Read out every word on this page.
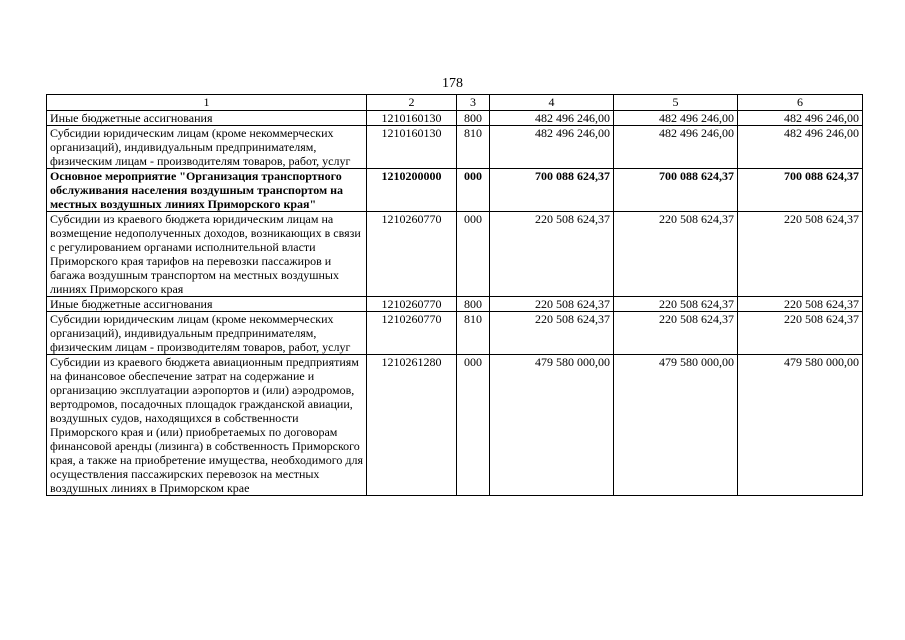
178
1	2	3	4	5	6
Иные бюджетные ассигнования	1210160130	800	482 496 246,00	482 496 246,00	482 496 246,00
Субсидии юридическим лицам (кроме некоммерческих организаций), индивидуальным предпринимателям, физическим лицам - производителям товаров, работ, услуг	1210160130	810	482 496 246,00	482 496 246,00	482 496 246,00
Основное мероприятие "Организация транспортного обслуживания населения воздушным транспортом на местных воздушных линиях Приморского края"	1210200000	000	700 088 624,37	700 088 624,37	700 088 624,37
Субсидии из краевого бюджета юридическим лицам на возмещение недополученных доходов, возникающих в связи с регулированием органами исполнительной власти Приморского края тарифов на перевозки пассажиров и багажа воздушным транспортом на местных воздушных линиях Приморского края	1210260770	000	220 508 624,37	220 508 624,37	220 508 624,37
Иные бюджетные ассигнования	1210260770	800	220 508 624,37	220 508 624,37	220 508 624,37
Субсидии юридическим лицам (кроме некоммерческих организаций), индивидуальным предпринимателям, физическим лицам - производителям товаров, работ, услуг	1210260770	810	220 508 624,37	220 508 624,37	220 508 624,37
Субсидии из краевого бюджета авиационным предприятиям на финансовое обеспечение затрат на содержание и организацию эксплуатации аэропортов и (или) аэродромов, вертодромов, посадочных площадок гражданской авиации, воздушных судов, находящихся в собственности Приморского края и (или) приобретаемых по договорам финансовой аренды (лизинга) в собственность Приморского края, а также на приобретение имущества, необходимого для осуществления пассажирских перевозок на местных воздушных линиях в Приморском крае	1210261280	000	479 580 000,00	479 580 000,00	479 580 000,00
